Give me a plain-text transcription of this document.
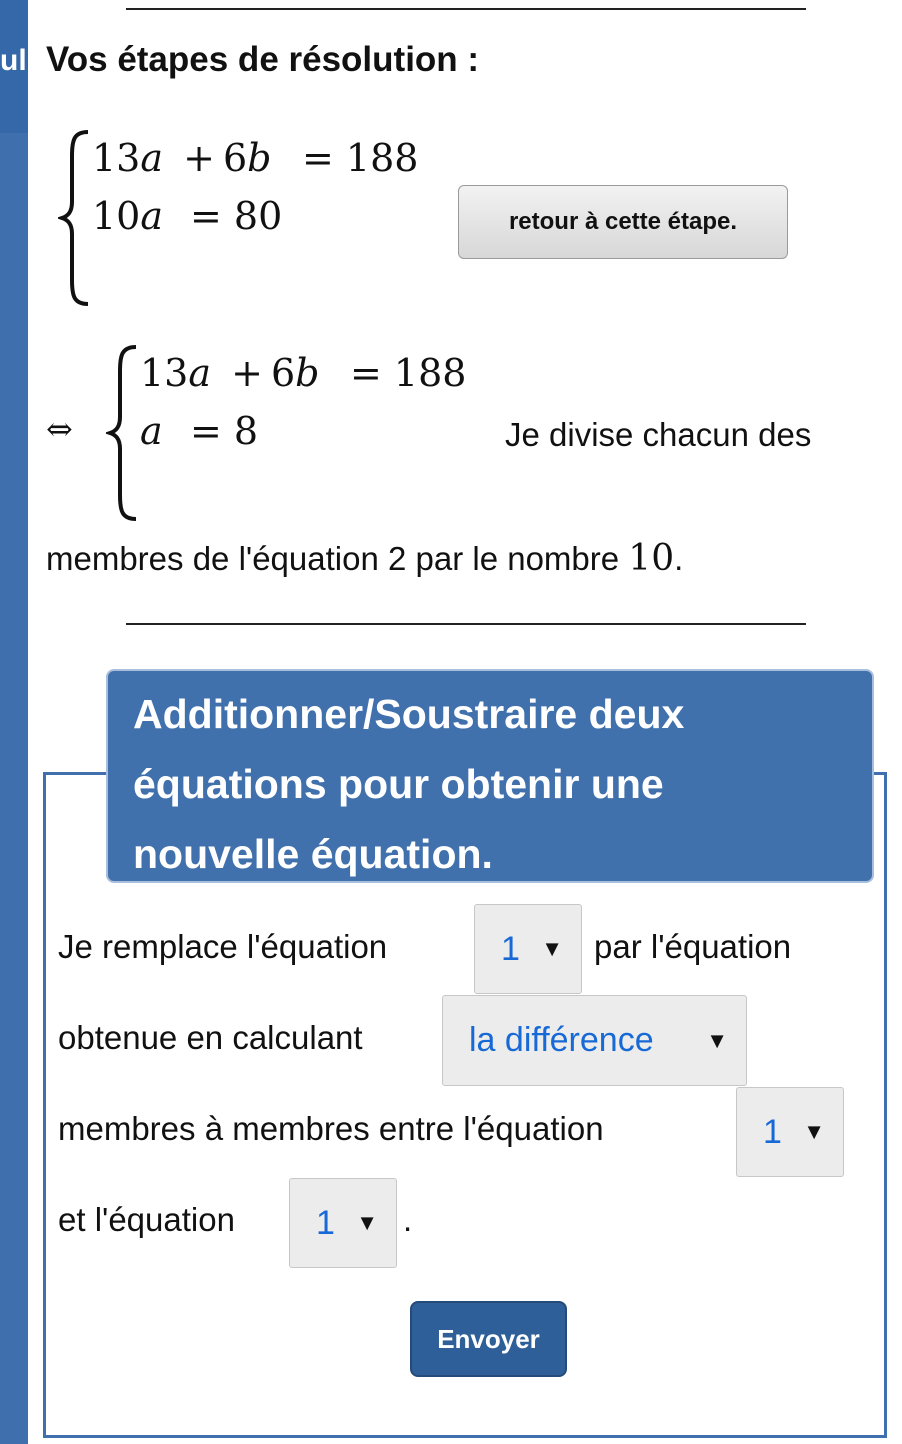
ul: Vos étapes de résolution :
13a + 6b = 188
10a = 80	retour à cette étape.
⇔
13a + 6b = 188
a = 8	Je divise chacun des
membres de l'équation 2 par le nombre 10.
Additionner/Soustraire deux
équations pour obtenir une
nouvelle équation.
Je remplace l'équation	1 ▼ par l'équation
obtenue en calculant	la différence	▼
membres à membres entre l'équation	1 ▼
et l'équation	1 ▼ .
Envoyer
